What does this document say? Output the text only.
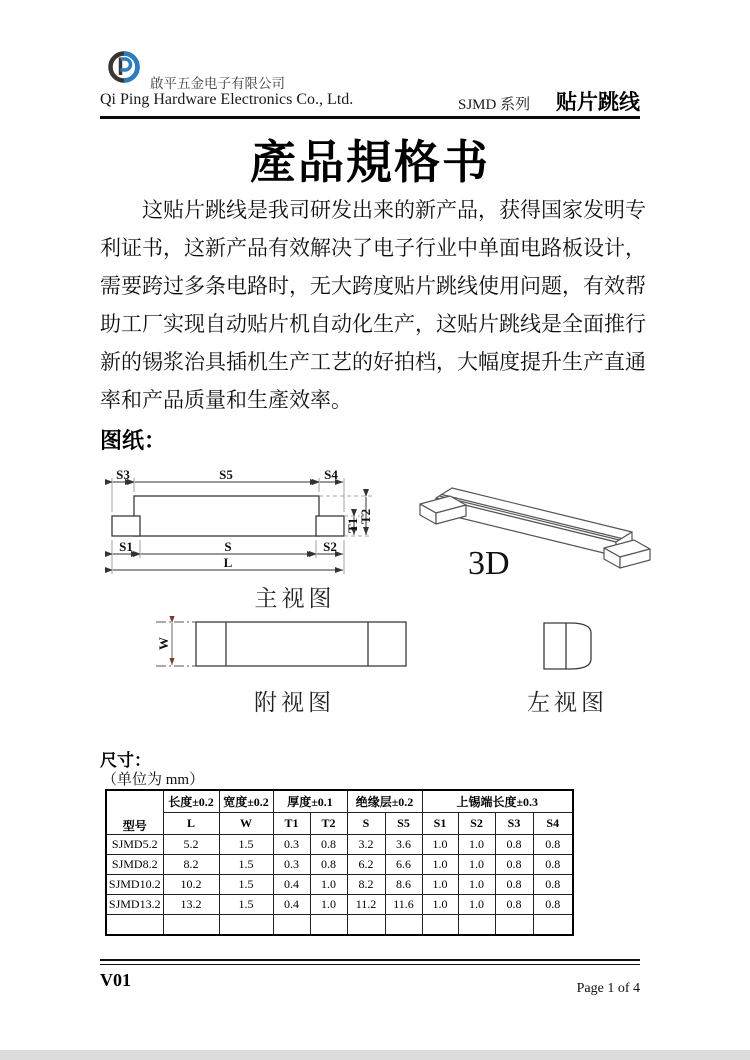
啟平五金电子有限公司
Qi Ping Hardware Electronics Co., Ltd.	SJMD 系列	贴片跳线
產品規格书
这贴片跳线是我司研发出来的新产品，获得国家发明专
利证书，这新产品有效解决了电子行业中单面电路板设计，
需要跨过多条电路时，无大跨度贴片跳线使用问题，有效帮
助工厂实现自动贴片机自动化生产，这贴片跳线是全面推行
新的锡浆治具插机生产工艺的好拍档，大幅度提升生产直通
率和产品质量和生產效率。
图纸：
S3	S5	S4
S1	S	S2
L
T1
T2
主视图
3D
W
附视图	左视图
尺寸：
（单位为 mm）
型号	长度±0.2	宽度±0.2	厚度±0.1		绝缘层±0.2		上锡端长度±0.3			
	L	W	T1	T2	S	S5	S1	S2	S3	S4
SJMD5.2	5.2	1.5	0.3	0.8	3.2	3.6	1.0	1.0	0.8	0.8
SJMD8.2	8.2	1.5	0.3	0.8	6.2	6.6	1.0	1.0	0.8	0.8
SJMD10.2	10.2	1.5	0.4	1.0	8.2	8.6	1.0	1.0	0.8	0.8
SJMD13.2	13.2	1.5	0.4	1.0	11.2	11.6	1.0	1.0	0.8	0.8

V01	Page 1 of 4
